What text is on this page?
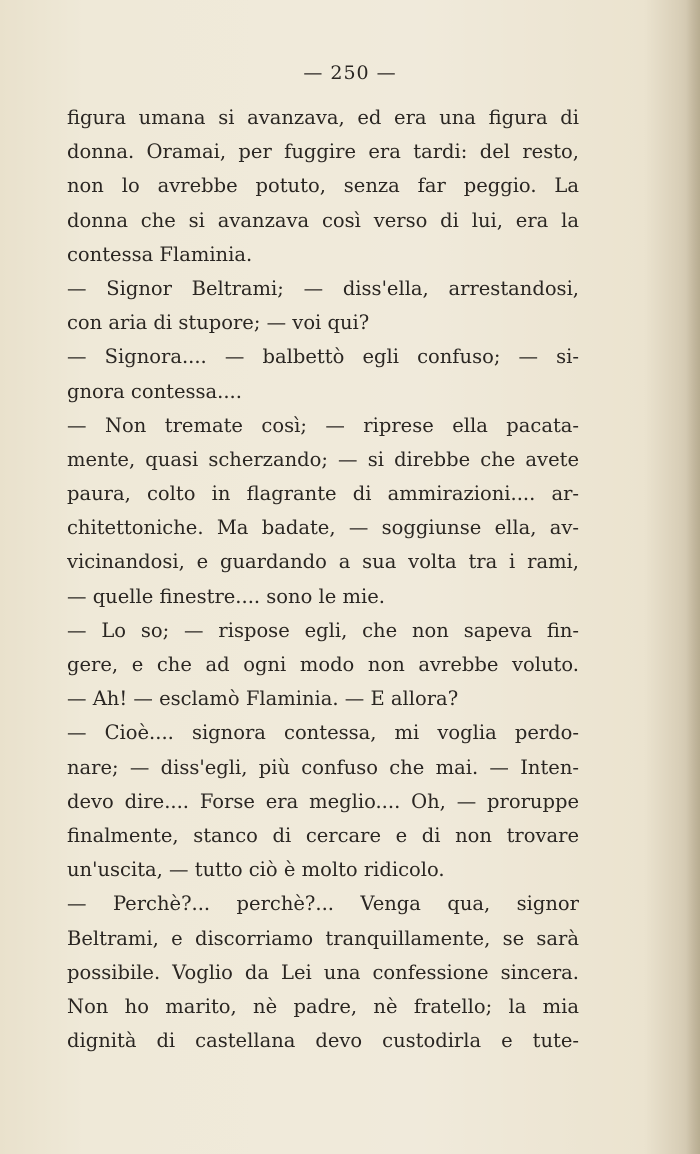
— 250 —
figura umana si avanzava, ed era una figura di
donna. Oramai, per fuggire era tardi: del resto,
non lo avrebbe potuto, senza far peggio. La
donna che si avanzava così verso di lui, era la
contessa Flaminia.
— Signor Beltrami; — diss'ella, arrestandosi,
con aria di stupore; — voi qui?
— Signora.... — balbettò egli confuso; — si-
gnora contessa....
— Non tremate così; — riprese ella pacata-
mente, quasi scherzando; — si direbbe che avete
paura, colto in flagrante di ammirazioni.... ar-
chitettoniche. Ma badate, — soggiunse ella, av-
vicinandosi, e guardando a sua volta tra i rami,
— quelle finestre.... sono le mie.
— Lo so; — rispose egli, che non sapeva fin-
gere, e che ad ogni modo non avrebbe voluto.
— Ah! — esclamò Flaminia. — E allora?
— Cioè.... signora contessa, mi voglia perdo-
nare; — diss'egli, più confuso che mai. — Inten-
devo dire.... Forse era meglio.... Oh, — proruppe
finalmente, stanco di cercare e di non trovare
un'uscita, — tutto ciò è molto ridicolo.
— Perchè?... perchè?... Venga qua, signor
Beltrami, e discorriamo tranquillamente, se sarà
possibile. Voglio da Lei una confessione sincera.
Non ho marito, nè padre, nè fratello; la mia
dignità di castellana devo custodirla e tute-
